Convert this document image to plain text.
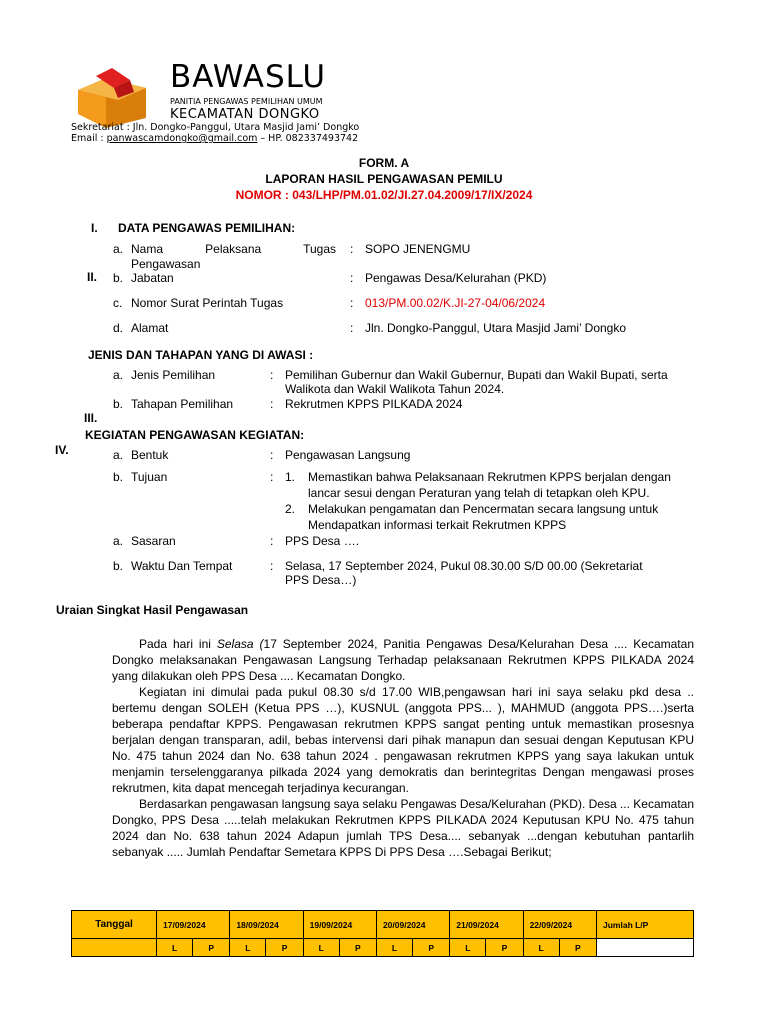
BAWASLU
PANITIA PENGAWAS PEMILIHAN UMUM
KECAMATAN DONGKO
Sekretariat : Jln. Dongko-Panggul, Utara Masjid Jami’ Dongko
Email : panwascamdongko@gmail.com – HP. 082337493742
FORM. A
LAPORAN HASIL PENGAWASAN PEMILU
NOMOR : 043/LHP/PM.01.02/JI.27.04.2009/17/IX/2024
I. DATA PENGAWAS PEMILIHAN:
II.
a. Nama Pelaksana Tugas
Pengawasan
: SOPO JENENGMU
b. Jabatan	: Pengawas Desa/Kelurahan (PKD)
c. Nomor Surat Perintah Tugas	: 013/PM.00.02/K.JI-27-04/06/2024
d. Alamat	: Jln. Dongko-Panggul, Utara Masjid Jami’ Dongko
JENIS DAN TAHAPAN YANG DI AWASI :
a. Jenis Pemilihan	: Pemilihan Gubernur dan Wakil Gubernur, Bupati dan Wakil Bupati, serta
Walikota dan Wakil Walikota Tahun 2024.
b. Tahapan Pemilihan	: Rekrutmen KPPS PILKADA 2024
III.
KEGIATAN PENGAWASAN KEGIATAN:
IV.	a. Bentuk	: Pengawasan Langsung
b. Tujuan	: 1. Memastikan bahwa Pelaksanaan Rekrutmen KPPS berjalan dengan
lancar sesui dengan Peraturan yang telah di tetapkan oleh KPU.
2. Melakukan pengamatan dan Pencermatan secara langsung untuk
Mendapatkan informasi terkait Rekrutmen KPPS
a. Sasaran	: PPS Desa ….
b. Waktu Dan Tempat	: Selasa, 17 September 2024, Pukul 08.30.00 S/D 00.00 (Sekretariat
PPS Desa…)
Uraian Singkat Hasil Pengawasan

Pada hari ini Selasa (17 September 2024, Panitia Pengawas Desa/Kelurahan Desa .... Kecamatan Dongko melaksanakan Pengawasan Langsung Terhadap pelaksanaan Rekrutmen KPPS PILKADA 2024 yang dilakukan oleh PPS Desa .... Kecamatan Dongko.

Kegiatan ini dimulai pada pukul 08.30 s/d 17.00 WIB,pengawsan hari ini saya selaku pkd desa .. bertemu dengan SOLEH (Ketua PPS …), KUSNUL (anggota PPS... ), MAHMUD (anggota PPS….)serta beberapa pendaftar KPPS. Pengawasan rekrutmen KPPS sangat penting untuk memastikan prosesnya berjalan dengan transparan, adil, bebas intervensi dari pihak manapun dan sesuai dengan Keputusan KPU No. 475 tahun 2024 dan No. 638 tahun 2024 . pengawasan rekrutmen KPPS yang saya lakukan untuk menjamin terselenggaranya pilkada 2024 yang demokratis dan berintegritas Dengan mengawasi proses rekrutmen, kita dapat mencegah terjadinya kecurangan.

Berdasarkan pengawasan langsung saya selaku Pengawas Desa/Kelurahan (PKD). Desa ... Kecamatan Dongko, PPS Desa .....telah melakukan Rekrutmen KPPS PILKADA 2024 Keputusan KPU No. 475 tahun 2024 dan No. 638 tahun 2024 Adapun jumlah TPS Desa.... sebanyak ...dengan kebutuhan pantarlih sebanyak ..... Jumlah Pendaftar Semetara KPPS Di PPS Desa ….Sebagai Berikut;

Tanggal	17/09/2024		18/09/2024		19/09/2024		20/09/2024		21/09/2024		22/09/2024		Jumlah L/P
	L	P	L	P	L	P	L	P	L	P	L	P	
